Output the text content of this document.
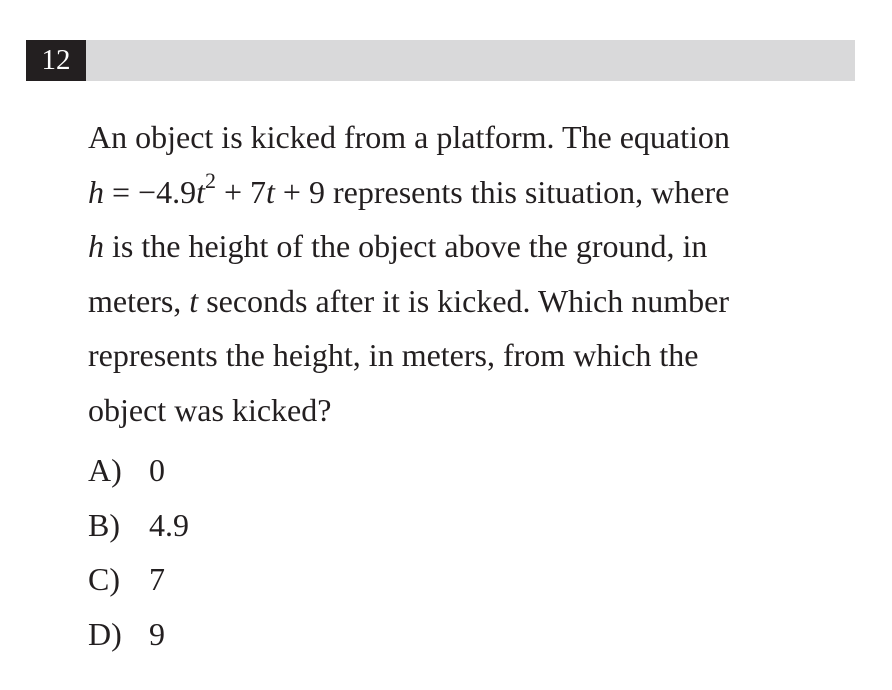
12
An object is kicked from a platform. The equation
$h = -4.9t^2 + 7t + 9$ represents this situation, where
h is the height of the object above the ground, in
meters, t seconds after it is kicked. Which number
represents the height, in meters, from which the
object was kicked?
A) 0
B) 4.9
C) 7
D) 9
